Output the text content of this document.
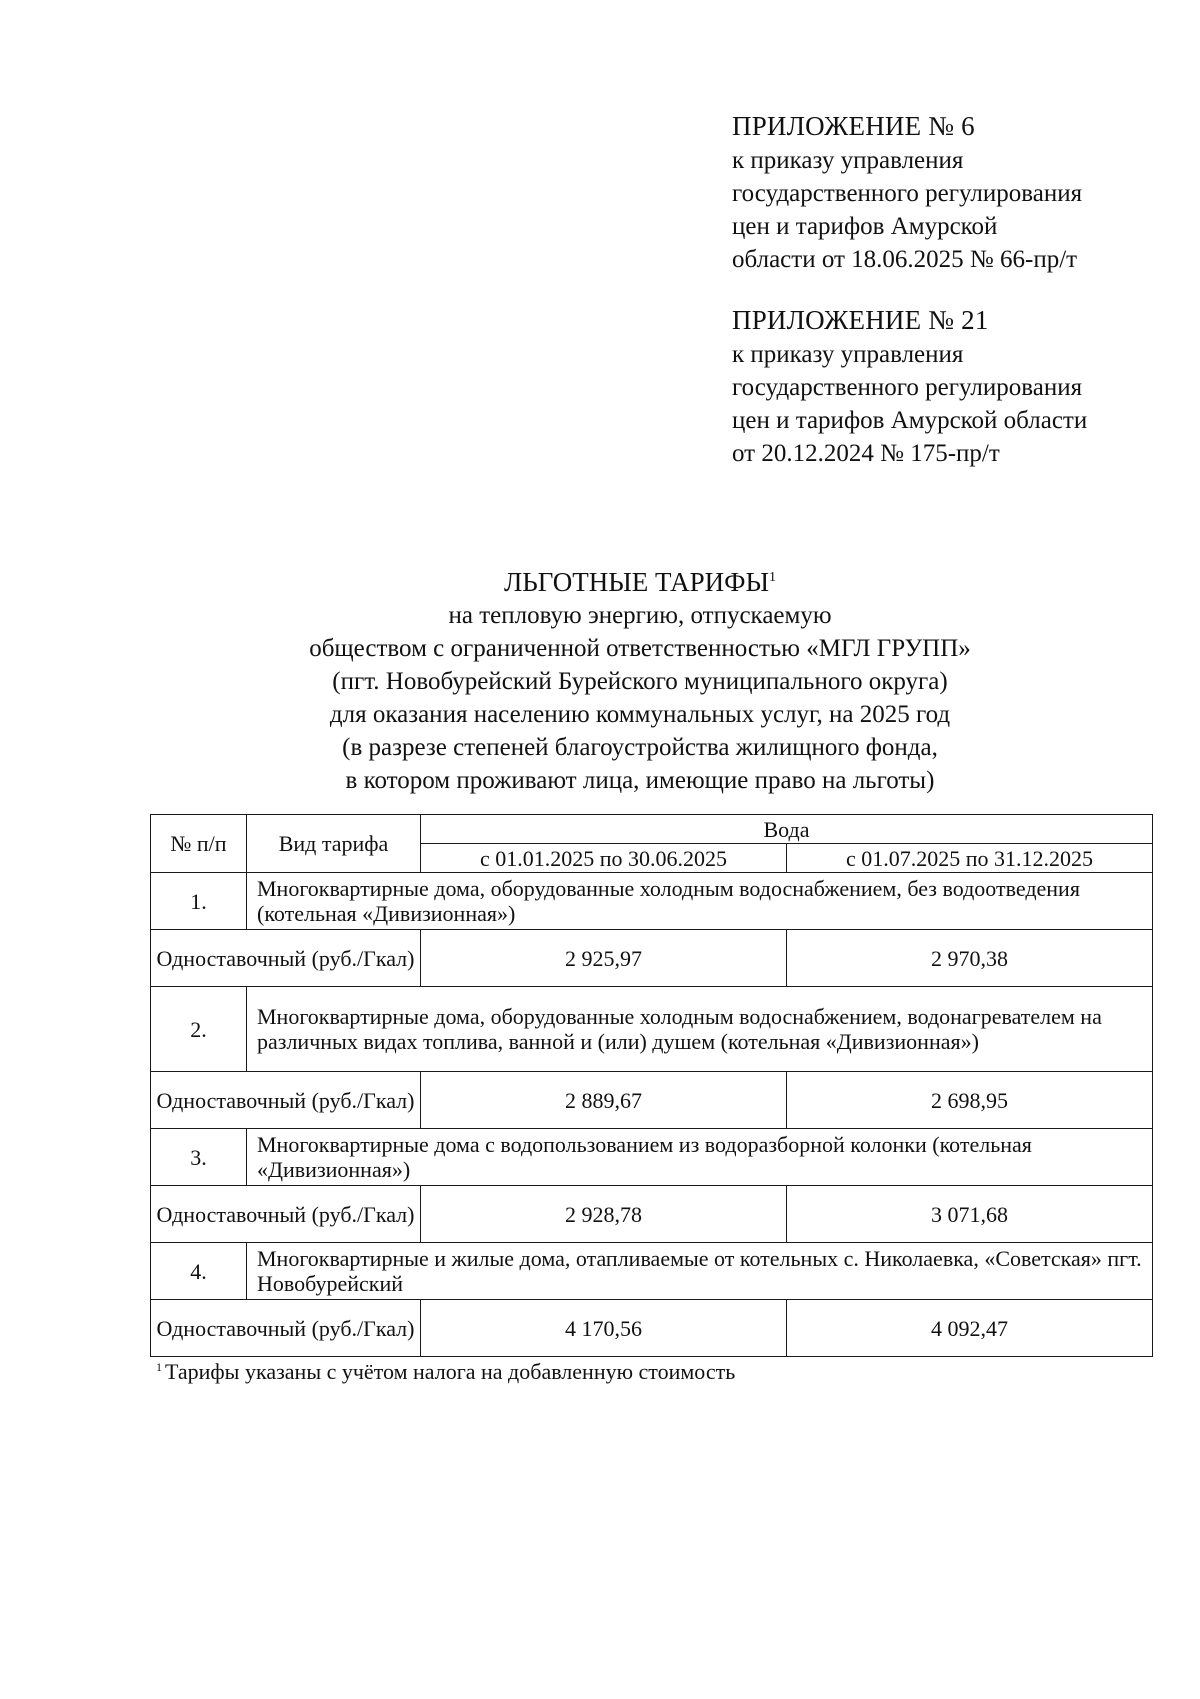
ПРИЛОЖЕНИЕ № 6
к приказу управления
государственного регулирования
цен и тарифов Амурской
области от 18.06.2025 № 66-пр/т
ПРИЛОЖЕНИЕ № 21
к приказу управления
государственного регулирования
цен и тарифов Амурской области
от 20.12.2024 № 175-пр/т
ЛЬГОТНЫЕ ТАРИФЫ$^1$
на тепловую энергию, отпускаемую
обществом с ограниченной ответственностью «МГЛ ГРУПП»
(пгт. Новобурейский Бурейского муниципального округа)
для оказания населению коммунальных услуг, на 2025 год
(в разрезе степеней благоустройства жилищного фонда,
в котором проживают лица, имеющие право на льготы)
№ п/п	Вид тарифа	Вода	
		с 01.01.2025 по 30.06.2025	с 01.07.2025 по 31.12.2025
1.	Многоквартирные дома, оборудованные холодным водоснабжением, без водоотведения (котельная «Дивизионная»)		
Одноставочный (руб./Гкал)		2 925,97	2 970,38
2.	Многоквартирные дома, оборудованные холодным водоснабжением, водонагревателем на различных видах топлива, ванной и (или) душем (котельная «Дивизионная»)		
Одноставочный (руб./Гкал)		2 889,67	2 698,95
3.	Многоквартирные дома с водопользованием из водоразборной колонки (котельная «Дивизионная»)		
Одноставочный (руб./Гкал)		2 928,78	3 071,68
4.	Многоквартирные и жилые дома, отапливаемые от котельных с. Николаевка, «Советская» пгт. Новобурейский		
Одноставочный (руб./Гкал)		4 170,56	4 092,47
$^1$ Тарифы указаны с учётом налога на добавленную стоимость
